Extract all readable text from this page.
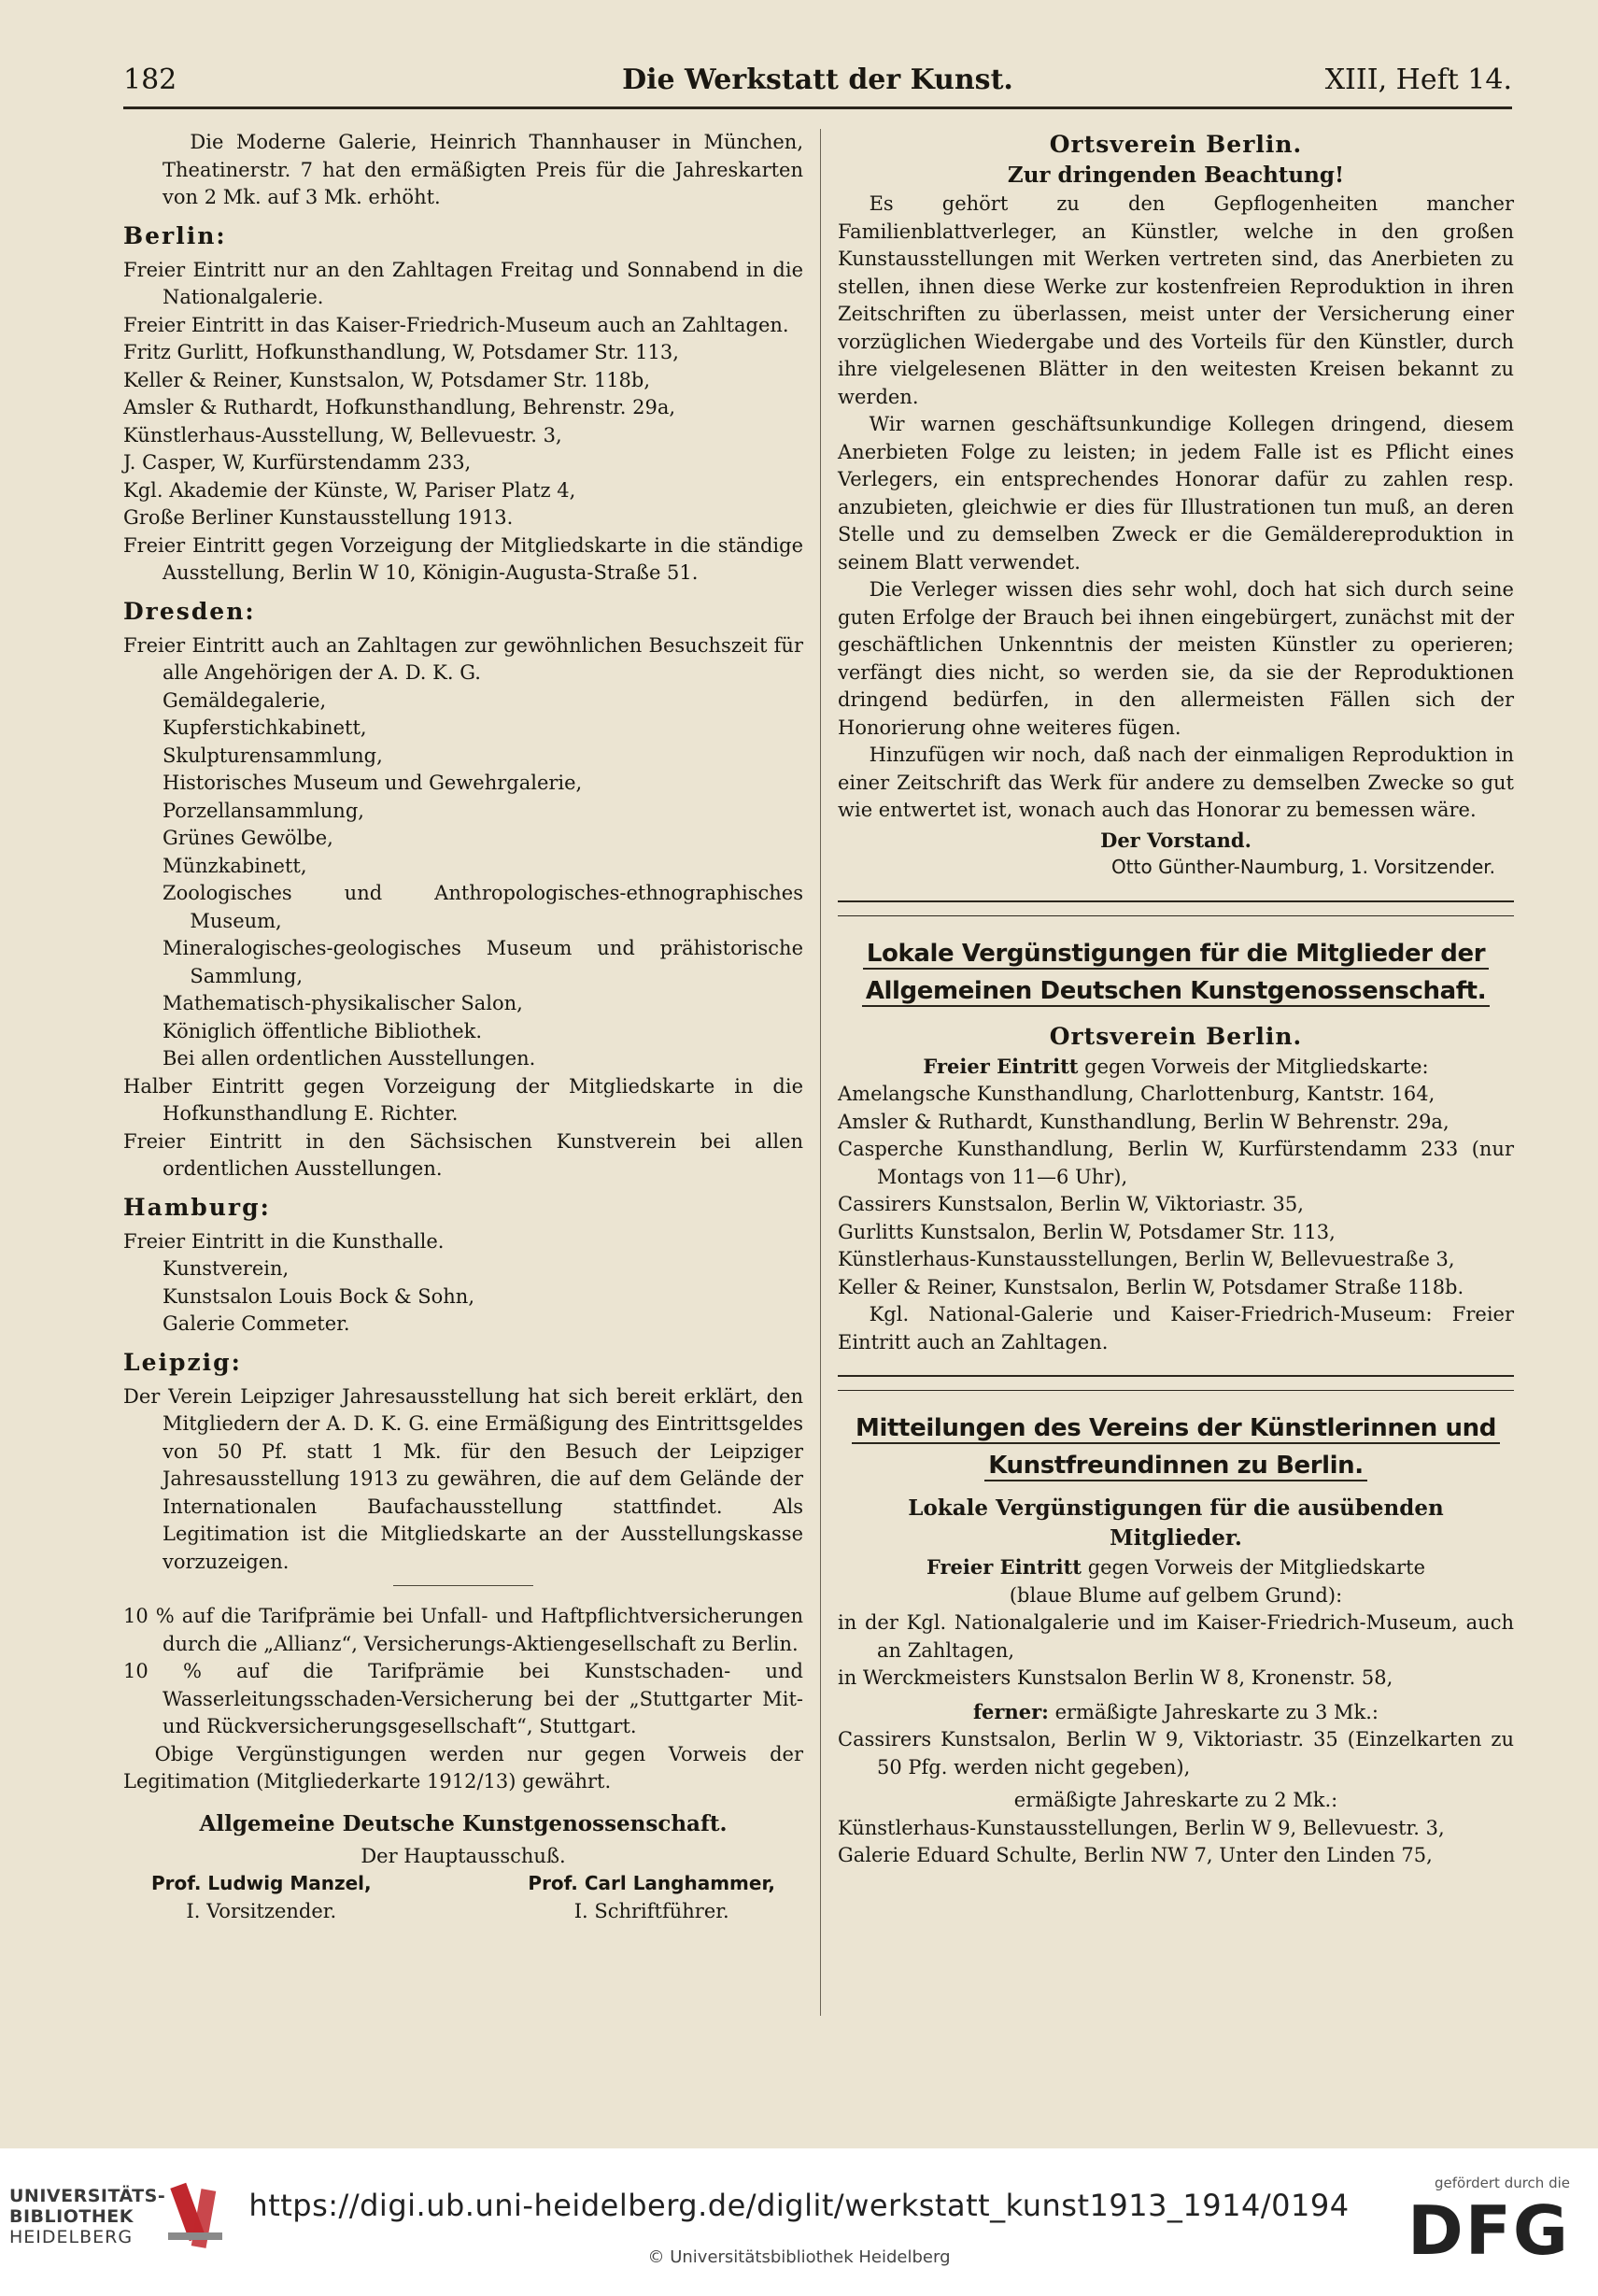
182	Die Werkstatt der Kunst.	XIII, Heft 14.

Die Moderne Galerie, Heinrich Thannhauser in München, Theatinerstr. 7 hat den ermäßigten Preis für die Jahreskarten von 2 Mk. auf 3 Mk. erhöht.

Berlin:

Freier Eintritt nur an den Zahltagen Freitag und Sonnabend in die Nationalgalerie.

Freier Eintritt in das Kaiser-Friedrich-Museum auch an Zahltagen.

Fritz Gurlitt, Hofkunsthandlung, W, Potsdamer Str. 113,

Keller & Reiner, Kunstsalon, W, Potsdamer Str. 118b,

Amsler & Ruthardt, Hofkunsthandlung, Behrenstr. 29a,

Künstlerhaus-Ausstellung, W, Bellevuestr. 3,

J. Casper, W, Kurfürstendamm 233,

Kgl. Akademie der Künste, W, Pariser Platz 4,

Große Berliner Kunstausstellung 1913.

Freier Eintritt gegen Vorzeigung der Mitgliedskarte in die ständige Ausstellung, Berlin W 10, Königin-Augusta-Straße 51.

Dresden:

Freier Eintritt auch an Zahltagen zur gewöhnlichen Besuchszeit für alle Angehörigen der A. D. K. G.

Gemäldegalerie,

Kupferstichkabinett,

Skulpturensammlung,

Historisches Museum und Gewehrgalerie,

Porzellansammlung,

Grünes Gewölbe,

Münzkabinett,

Zoologisches und Anthropologisches-ethnographisches Museum,

Mineralogisches-geologisches Museum und prähistorische Sammlung,

Mathematisch-physikalischer Salon,

Königlich öffentliche Bibliothek.

Bei allen ordentlichen Ausstellungen.

Halber Eintritt gegen Vorzeigung der Mitgliedskarte in die Hofkunsthandlung E. Richter.

Freier Eintritt in den Sächsischen Kunstverein bei allen ordentlichen Ausstellungen.

Hamburg:

Freier Eintritt in die Kunsthalle.

Kunstverein,

Kunstsalon Louis Bock & Sohn,

Galerie Commeter.

Leipzig:

Der Verein Leipziger Jahresausstellung hat sich bereit erklärt, den Mitgliedern der A. D. K. G. eine Ermäßigung des Eintrittsgeldes von 50 Pf. statt 1 Mk. für den Besuch der Leipziger Jahresausstellung 1913 zu gewähren, die auf dem Gelände der Internationalen Baufachausstellung stattfindet. Als Legitimation ist die Mitgliedskarte an der Ausstellungskasse vorzuzeigen.

10 % auf die Tarifprämie bei Unfall- und Haftpflichtversicherungen durch die „Allianz“, Versicherungs-Aktiengesellschaft zu Berlin.

10 % auf die Tarifprämie bei Kunstschaden- und Wasserleitungsschaden-Versicherung bei der „Stuttgarter Mit- und Rückversicherungsgesellschaft“, Stuttgart.

Obige Vergünstigungen werden nur gegen Vorweis der Legitimation (Mitgliederkarte 1912/13) gewährt.

Allgemeine Deutsche Kunstgenossenschaft.

Der Hauptausschuß.

Prof. Ludwig Manzel,
I. Vorsitzender.
Prof. Carl Langhammer,
I. Schriftführer.
Ortsverein Berlin.
Zur dringenden Beachtung!

Es gehört zu den Gepflogenheiten mancher Familienblattverleger, an Künstler, welche in den großen Kunstausstellungen mit Werken vertreten sind, das Anerbieten zu stellen, ihnen diese Werke zur kostenfreien Reproduktion in ihren Zeitschriften zu überlassen, meist unter der Versicherung einer vorzüglichen Wiedergabe und des Vorteils für den Künstler, durch ihre vielgelesenen Blätter in den weitesten Kreisen bekannt zu werden.

Wir warnen geschäftsunkundige Kollegen dringend, diesem Anerbieten Folge zu leisten; in jedem Falle ist es Pflicht eines Verlegers, ein entsprechendes Honorar dafür zu zahlen resp. anzubieten, gleichwie er dies für Illustrationen tun muß, an deren Stelle und zu demselben Zweck er die Gemäldereproduktion in seinem Blatt verwendet.

Die Verleger wissen dies sehr wohl, doch hat sich durch seine guten Erfolge der Brauch bei ihnen eingebürgert, zunächst mit der geschäftlichen Unkenntnis der meisten Künstler zu operieren; verfängt dies nicht, so werden sie, da sie der Reproduktionen dringend bedürfen, in den allermeisten Fällen sich der Honorierung ohne weiteres fügen.

Hinzufügen wir noch, daß nach der einmaligen Reproduktion in einer Zeitschrift das Werk für andere zu demselben Zwecke so gut wie entwertet ist, wonach auch das Honorar zu bemessen wäre.

Der Vorstand.

Otto Günther-Naumburg, 1. Vorsitzender.

Lokale Vergünstigungen für die Mitglieder der
Allgemeinen Deutschen Kunstgenossenschaft.
Ortsverein Berlin.

Freier Eintritt gegen Vorweis der Mitgliedskarte:

Amelangsche Kunsthandlung, Charlottenburg, Kantstr. 164,

Amsler & Ruthardt, Kunsthandlung, Berlin W Behrenstr. 29a,

Casperche Kunsthandlung, Berlin W, Kurfürstendamm 233 (nur Montags von 11—6 Uhr),

Cassirers Kunstsalon, Berlin W, Viktoriastr. 35,

Gurlitts Kunstsalon, Berlin W, Potsdamer Str. 113,

Künstlerhaus-Kunstausstellungen, Berlin W, Bellevuestraße 3,

Keller & Reiner, Kunstsalon, Berlin W, Potsdamer Straße 118b.

Kgl. National-Galerie und Kaiser-Friedrich-Museum: Freier Eintritt auch an Zahltagen.

Mitteilungen des Vereins der Künstlerinnen und
Kunstfreundinnen zu Berlin.
Lokale Vergünstigungen für die ausübenden
Mitglieder.

Freier Eintritt gegen Vorweis der Mitgliedskarte

(blaue Blume auf gelbem Grund):

in der Kgl. Nationalgalerie und im Kaiser-Friedrich-Museum, auch an Zahltagen,

in Werckmeisters Kunstsalon Berlin W 8, Kronenstr. 58,

ferner: ermäßigte Jahreskarte zu 3 Mk.:

Cassirers Kunstsalon, Berlin W 9, Viktoriastr. 35 (Einzelkarten zu 50 Pfg. werden nicht gegeben),

ermäßigte Jahreskarte zu 2 Mk.:

Künstlerhaus-Kunstausstellungen, Berlin W 9, Bellevuestr. 3,

Galerie Eduard Schulte, Berlin NW 7, Unter den Linden 75,

UNIVERSITÄTS-
BIBLIOTHEK
HEIDELBERG
https://digi.ub.uni-heidelberg.de/diglit/werkstatt_kunst1913_1914/0194
© Universitätsbibliothek Heidelberg
gefördert durch die
DFG
